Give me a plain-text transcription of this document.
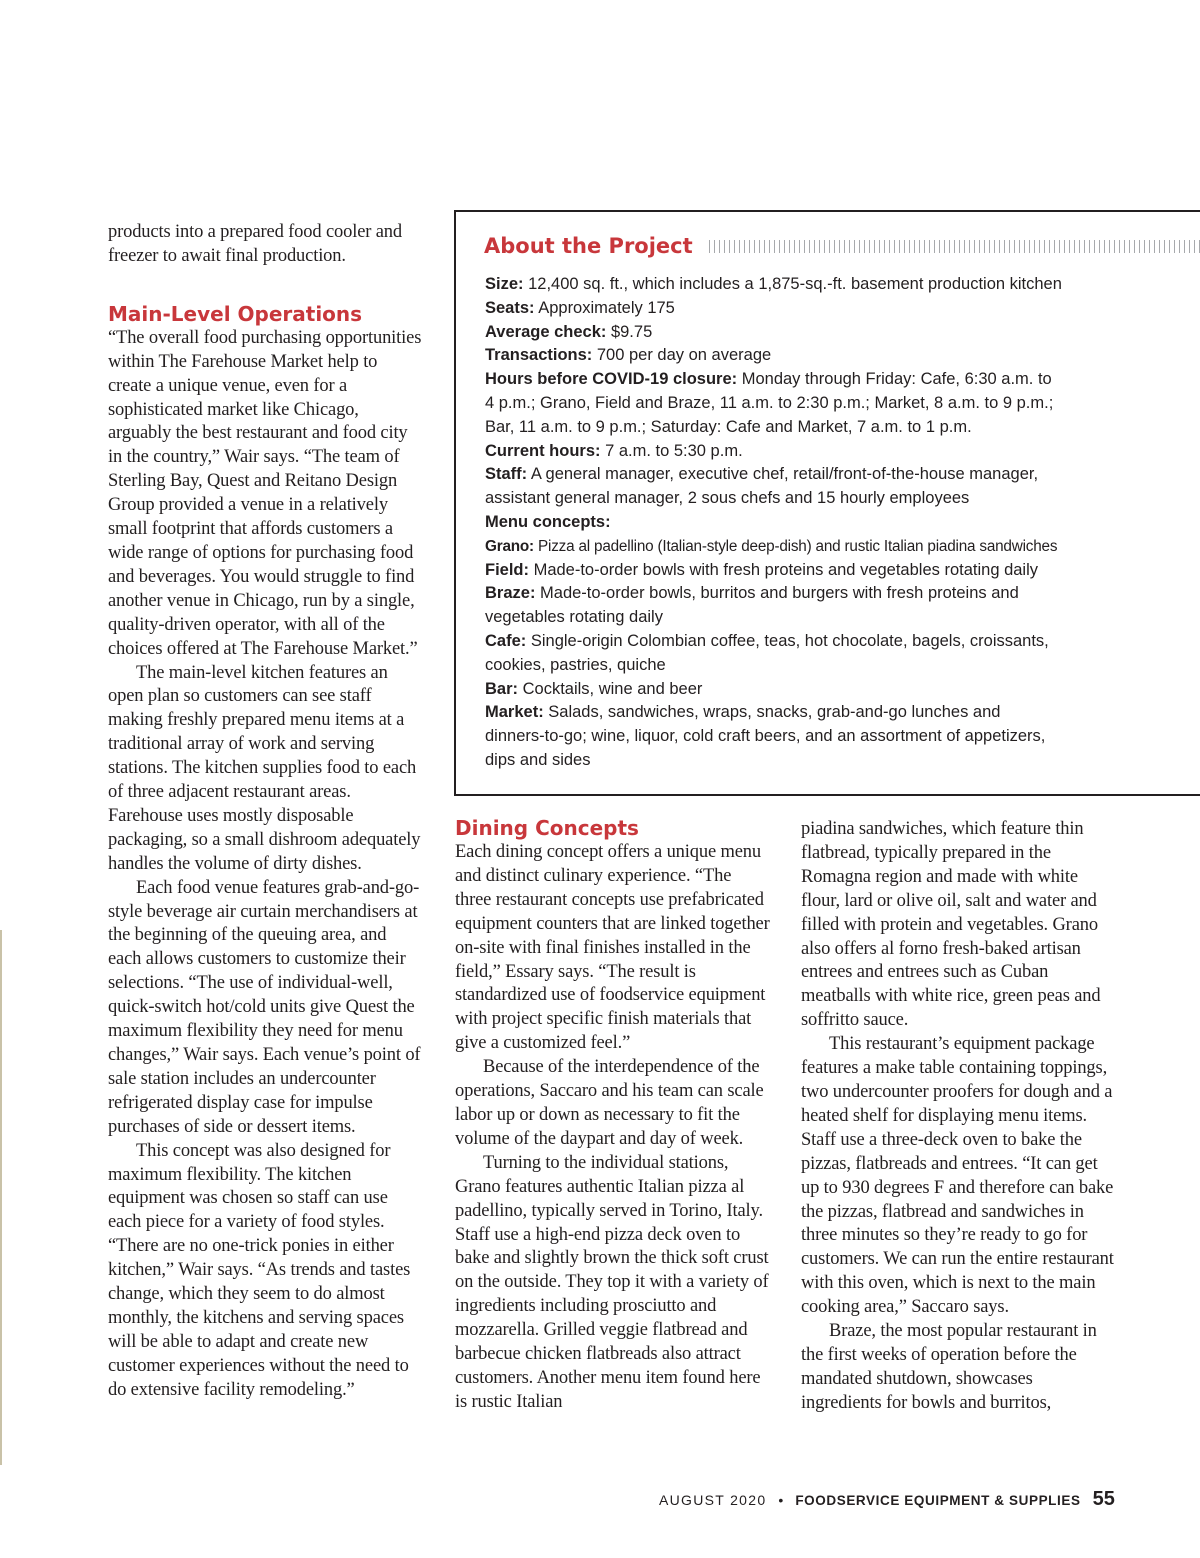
products into a prepared food cooler and freezer to await final production.

Main-Level Operations

“The overall food purchasing opportunities within The Farehouse Market help to create a unique venue, even for a sophisticated market like Chicago, arguably the best restaurant and food city in the country,” Wair says. “The team of Sterling Bay, Quest and Reitano Design Group provided a venue in a relatively small footprint that affords customers a wide range of options for purchasing food and beverages. You would struggle to find another venue in Chicago, run by a single, quality-driven operator, with all of the choices offered at The Farehouse Market.”

The main-level kitchen features an open plan so customers can see staff making freshly prepared menu items at a traditional array of work and serving stations. The kitchen supplies food to each of three adjacent restaurant areas. Farehouse uses mostly disposable packaging, so a small dishroom adequately handles the volume of dirty dishes.

Each food venue features grab-and-go-style beverage air curtain merchandisers at the beginning of the queuing area, and each allows customers to customize their selections. “The use of individual-well, quick-switch hot/cold units give Quest the maximum flexibility they need for menu changes,” Wair says. Each venue’s point of sale station includes an undercounter refrigerated display case for impulse purchases of side or dessert items.

This concept was also designed for maximum flexibility. The kitchen equipment was chosen so staff can use each piece for a variety of food styles. “There are no one-trick ponies in either kitchen,” Wair says. “As trends and tastes change, which they seem to do almost monthly, the kitchens and serving spaces will be able to adapt and create new customer experiences without the need to do extensive facility remodeling.”

About the Project
Size: 12,400 sq. ft., which includes a 1,875-sq.-ft. basement production kitchen
Seats: Approximately 175
Average check: $9.75
Transactions: 700 per day on average
Hours before COVID-19 closure: Monday through Friday: Cafe, 6:30 a.m. to
4 p.m.; Grano, Field and Braze, 11 a.m. to 2:30 p.m.; Market, 8 a.m. to 9 p.m.;
Bar, 11 a.m. to 9 p.m.; Saturday: Cafe and Market, 7 a.m. to 1 p.m.
Current hours: 7 a.m. to 5:30 p.m.
Staff: A general manager, executive chef, retail/front-of-the-house manager,
assistant general manager, 2 sous chefs and 15 hourly employees
Menu concepts:
Grano: Pizza al padellino (Italian-style deep-dish) and rustic Italian piadina sandwiches
Field: Made-to-order bowls with fresh proteins and vegetables rotating daily
Braze: Made-to-order bowls, burritos and burgers with fresh proteins and
vegetables rotating daily
Cafe: Single-origin Colombian coffee, teas, hot chocolate, bagels, croissants,
cookies, pastries, quiche
Bar: Cocktails, wine and beer
Market: Salads, sandwiches, wraps, snacks, grab-and-go lunches and
dinners-to-go; wine, liquor, cold craft beers, and an assortment of appetizers,
dips and sides
Dining Concepts

Each dining concept offers a unique menu and distinct culinary experience. “The three restaurant concepts use prefabricated equipment counters that are linked together on-site with final finishes installed in the field,” Essary says. “The result is standardized use of foodservice equipment with project specific finish materials that give a customized feel.”

Because of the interdependence of the operations, Saccaro and his team can scale labor up or down as necessary to fit the volume of the daypart and day of week.

Turning to the individual stations, Grano features authentic Italian pizza al padellino, typically served in Torino, Italy. Staff use a high-end pizza deck oven to bake and slightly brown the thick soft crust on the outside. They top it with a variety of ingredients including prosciutto and mozzarella. Grilled veggie flatbread and barbecue chicken flatbreads also attract customers. Another menu item found here is rustic Italian

piadina sandwiches, which feature thin flatbread, typically prepared in the Romagna region and made with white flour, lard or olive oil, salt and water and filled with protein and vegetables. Grano also offers al forno fresh-baked artisan entrees and entrees such as Cuban meatballs with white rice, green peas and soffritto sauce.

This restaurant’s equipment package features a make table containing toppings, two undercounter proofers for dough and a heated shelf for displaying menu items. Staff use a three-deck oven to bake the pizzas, flatbreads and entrees. “It can get up to 930 degrees F and therefore can bake the pizzas, flatbread and sandwiches in three minutes so they’re ready to go for customers. We can run the entire restaurant with this oven, which is next to the main cooking area,” Saccaro says.

Braze, the most popular restaurant in the first weeks of operation before the mandated shutdown, showcases ingredients for bowls and burritos,

AUGUST 2020 • FOODSERVICE EQUIPMENT & SUPPLIES 55
